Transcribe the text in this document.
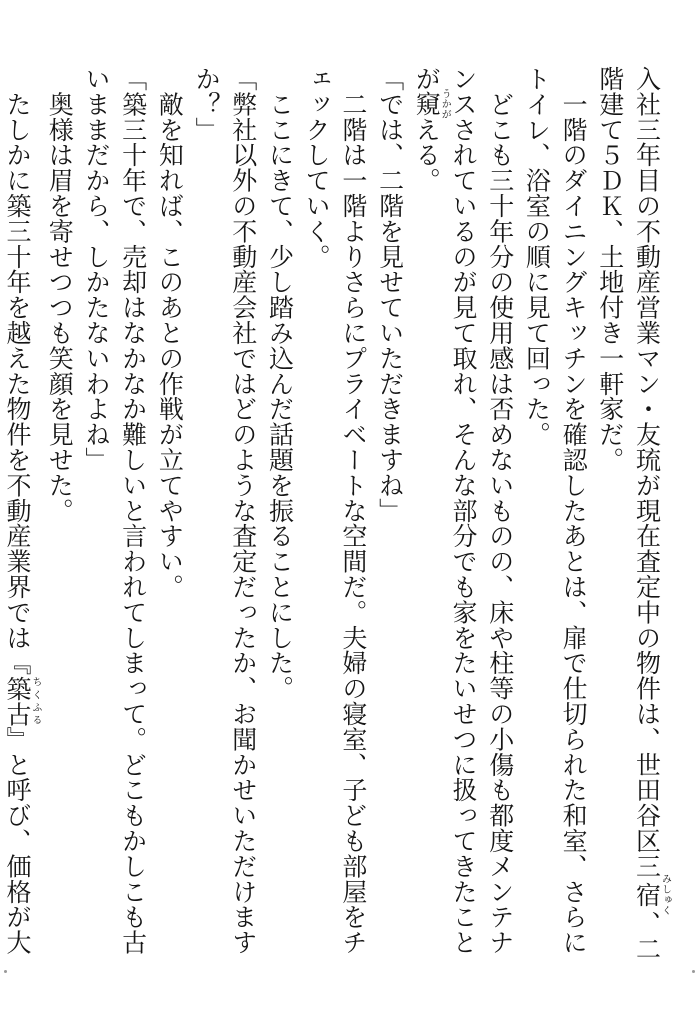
入社三年目の不動産営業マン・友琉が現在査定中の物件は、世田谷区三宿みしゅく、二階建て５ＤＫ、土地付き一軒家だ。

　一階のダイニングキッチンを確認したあとは、扉で仕切られた和室、さらにトイレ、浴室の順に見て回った。

　どこも三十年分の使用感は否めないものの、床や柱等の小傷も都度メンテナンスされているのが見て取れ、そんな部分でも家をたいせつに扱ってきたことが窺うかがえる。

「では、二階を見せていただきますね」

　二階は一階よりさらにプライベートな空間だ。夫婦の寝室、子ども部屋をチェックしていく。

　ここにきて、少し踏み込んだ話題を振ることにした。

「弊社以外の不動産会社ではどのような査定だったか、お聞かせいただけますか？」

　敵を知れば、このあとの作戦が立てやすい。

「築三十年で、売却はなかなか難しいと言われてしまって。どこもかしこも古いままだから、しかたないわよね」

　奥様は眉を寄せつつも笑顔を見せた。

　たしかに築三十年を越えた物件を不動産業界では『築古ちくふる』と呼び、価格が大
